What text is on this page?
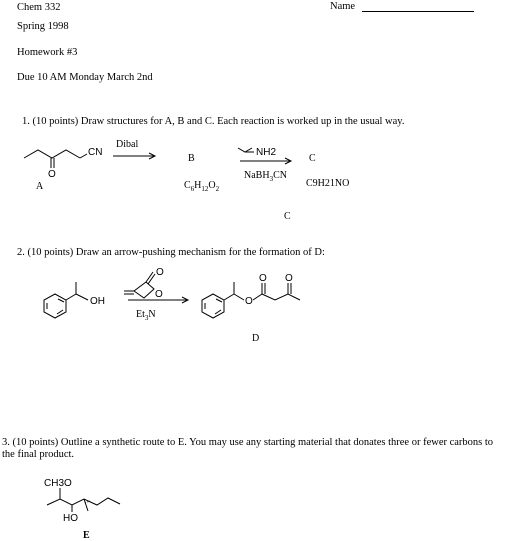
Chem 332	Name
Spring 1998
Homework #3
Due 10 AM Monday March 2nd
1. (10 points) Draw structures for A, B and C. Each reaction is worked up in the usual way.
CN
O
NH2
OH
O
O
O
O O
CH3O
HO
A
Dibal
B
$C_6H_{12}O_2$
NaBH$_3$CN
C
C9H21NO
C
2. (10 points) Draw an arrow-pushing mechanism for the formation of D:
$Et_3N$
D
3. (10 points) Outline a synthetic route to E. You may use any starting material that donates three or fewer carbons to the final product.
E
